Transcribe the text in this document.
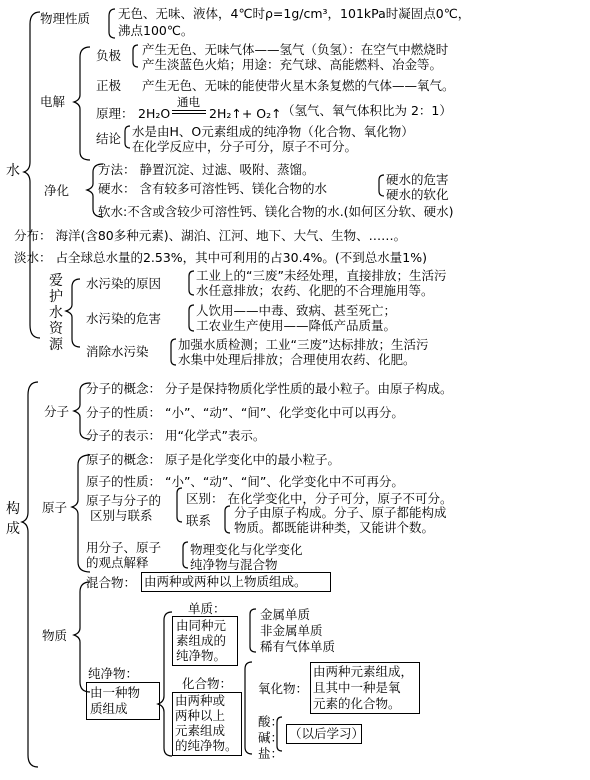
水
物理性质 无色、无味、液体，4℃时ρ=1g/cm³，101kPa时凝固点0℃，
沸点100℃。
电解
负极 产生无色、无味气体——氢气（负氢）：在空气中燃烧时
产生淡蓝色火焰；用途：充气球、高能燃料、冶金等。
正极 产生无色、无味的能使带火星木条复燃的气体——氧气。
原理： 2H₂O
通电
2H₂↑+ O₂↑ （氢气、氧气体积比为 2：1）
结论 水是由H、O元素组成的纯净物（化合物、氧化物）
在化学反应中，分子可分，原子不可分。
净化
方法： 静置沉淀、过滤、吸附、蒸馏。
硬水： 含有较多可溶性钙、镁化合物的水
硬水的危害
硬水的软化
软水:不含或含较少可溶性钙、镁化合物的水.(如何区分软、硬水)
分布： 海洋(含80多种元素)、湖泊、江河、地下、大气、生物、……。
淡水： 占全球总水量的2.53%，其中可利用的占30.4%。(不到总水量1%)
爱
护
水
资
源
水污染的原因
工业上的“三废”未经处理，直接排放；生活污
水任意排放；农药、化肥的不合理施用等。
水污染的危害
人饮用——中毒、致病、甚至死亡；
工农业生产使用——降低产品质量。
消除水污染 加强水质检测；工业“三废”达标排放；生活污
水集中处理后排放；合理使用农药、化肥。
构
成
分子
分子的概念： 分子是保持物质化学性质的最小粒子。由原子构成。
分子的性质： “小”、“动”、“间”、化学变化中可以再分。
分子的表示： 用“化学式”表示。
原子
原子的概念： 原子是化学变化中的最小粒子。
原子的性质： “小”、“动”、“间”、化学变化中不可再分。
原子与分子的
区别与联系
区别： 在化学变化中，分子可分，原子不可分。
联系
分子由原子构成。分子、原子都能构成
物质。都既能讲种类，又能讲个数。
用分子、原子
的观点解释
物理变化与化学变化
纯净物与混合物
物质
混合物： 由两种或两种以上物质组成。
纯净物：
由一种物
质组成
单质：
由同种元
素组成的
纯净物。
金属单质
非金属单质
稀有气体单质
化合物：
由两种或
两种以上
元素组成
的纯净物。
氧化物：
由两种元素组成，
且其中一种是氧
元素的化合物。
酸：
碱：
盐：
（以后学习）
